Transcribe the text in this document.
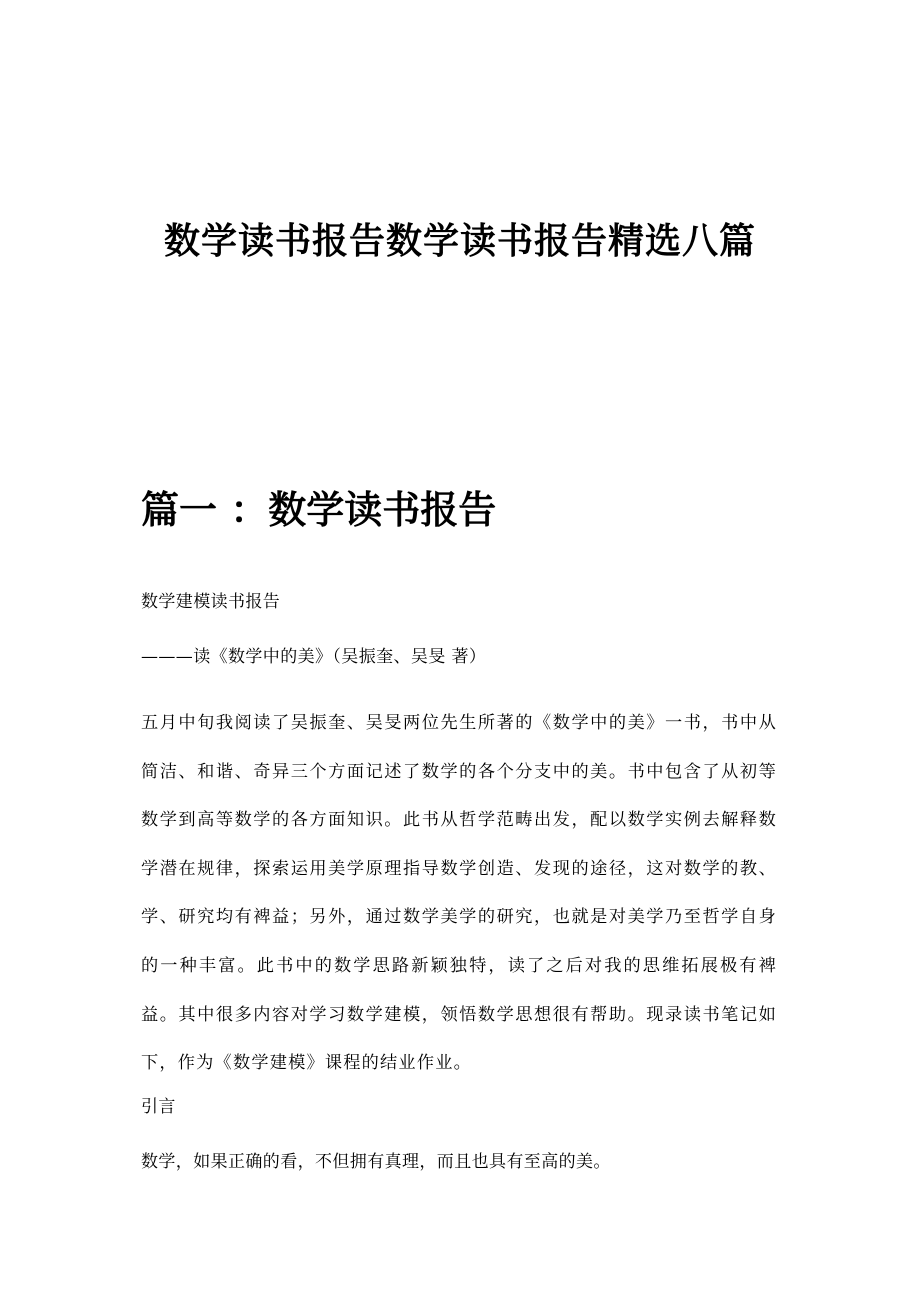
数学读书报告数学读书报告精选八篇
篇一 ：数学读书报告
数学建模读书报告
———读《数学中的美》（吴振奎、吴旻 著）

五月中旬我阅读了吴振奎、吴旻两位先生所著的《数学中的美》一书，书中从简洁、和谐、奇异三个方面记述了数学的各个分支中的美。书中包含了从初等数学到高等数学的各方面知识。此书从哲学范畴出发，配以数学实例去解释数学潜在规律，探索运用美学原理指导数学创造、发现的途径，这对数学的教、学、研究均有裨益；另外，通过数学美学的研究，也就是对美学乃至哲学自身的一种丰富。此书中的数学思路新颖独特，读了之后对我的思维拓展极有裨益。其中很多内容对学习数学建模，领悟数学思想很有帮助。现录读书笔记如下，作为《数学建模》课程的结业作业。

引言
数学，如果正确的看，不但拥有真理，而且也具有至高的美。
